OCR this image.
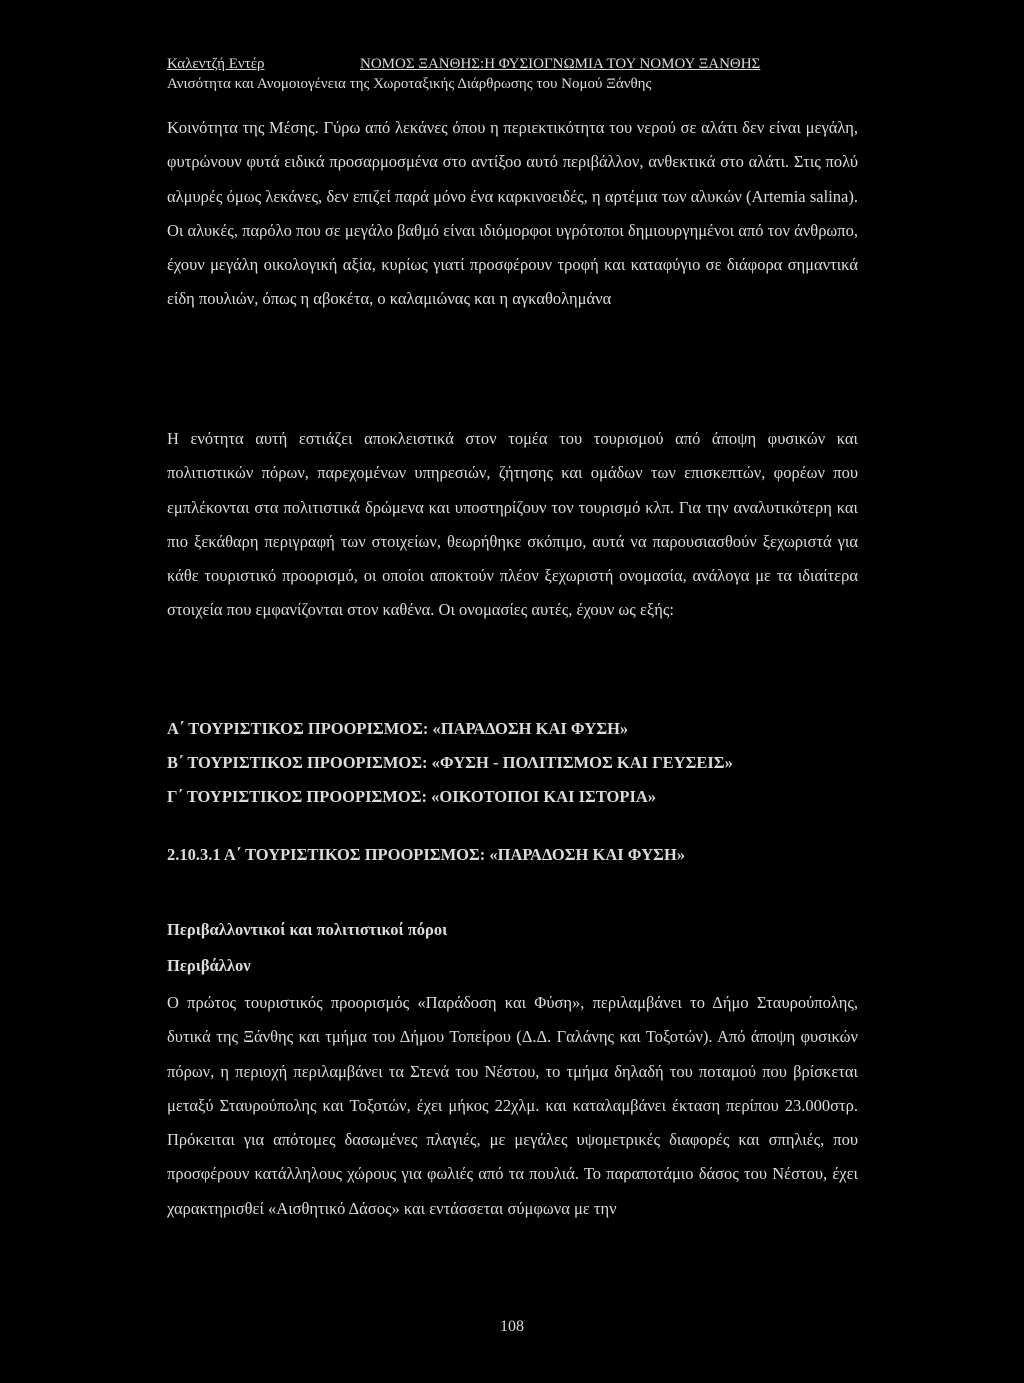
Καλεντζή Εντέρ	ΝΟΜΟΣ ΞΑΝΘΗΣ:Η ΦΥΣΙΟΓΝΩΜΙΑ ΤΟΥ ΝΟΜΟΥ ΞΑΝΘΗΣ
Ανισότητα και Ανομοιογένεια της Χωροταξικής Διάρθρωσης του Νομού Ξάνθης

Κοινότητα της Μέσης. Γύρω από λεκάνες όπου η περιεκτικότητα του νερού σε αλάτι δεν είναι μεγάλη, φυτρώνουν φυτά ειδικά προσαρμοσμένα στο αντίξοο αυτό περιβάλλον, ανθεκτικά στο αλάτι. Στις πολύ αλμυρές όμως λεκάνες, δεν επιζεί παρά μόνο ένα καρκινοειδές, η αρτέμια των αλυκών (Artemia salina). Οι αλυκές, παρόλο που σε μεγάλο βαθμό είναι ιδιόμορφοι υγρότοποι δημιουργημένοι από τον άνθρωπο, έχουν μεγάλη οικολογική αξία, κυρίως γιατί προσφέρουν τροφή και καταφύγιο σε διάφορα σημαντικά είδη πουλιών, όπως η αβοκέτα, ο καλαμιώνας και η αγκαθολημάνα

Η ενότητα αυτή εστιάζει αποκλειστικά στον τομέα του τουρισμού από άποψη φυσικών και πολιτιστικών πόρων, παρεχομένων υπηρεσιών, ζήτησης και ομάδων των επισκεπτών, φορέων που εμπλέκονται στα πολιτιστικά δρώμενα και υποστηρίζουν τον τουρισμό κλπ. Για την αναλυτικότερη και πιο ξεκάθαρη περιγραφή των στοιχείων, θεωρήθηκε σκόπιμο, αυτά να παρουσιασθούν ξεχωριστά για κάθε τουριστικό προορισμό, οι οποίοι αποκτούν πλέον ξεχωριστή ονομασία, ανάλογα με τα ιδιαίτερα στοιχεία που εμφανίζονται στον καθένα. Οι ονομασίες αυτές, έχουν ως εξής:

Α΄ ΤΟΥΡΙΣΤΙΚΟΣ ΠΡΟΟΡΙΣΜΟΣ: «ΠΑΡΑΔΟΣΗ ΚΑΙ ΦΥΣΗ»
Β΄ ΤΟΥΡΙΣΤΙΚΟΣ ΠΡΟΟΡΙΣΜΟΣ: «ΦΥΣΗ - ΠΟΛΙΤΙΣΜΟΣ ΚΑΙ ΓΕΥΣΕΙΣ»
Γ΄ ΤΟΥΡΙΣΤΙΚΟΣ ΠΡΟΟΡΙΣΜΟΣ: «ΟΙΚΟΤΟΠΟΙ ΚΑΙ ΙΣΤΟΡΙΑ»
2.10.3.1 Α΄ ΤΟΥΡΙΣΤΙΚΟΣ ΠΡΟΟΡΙΣΜΟΣ: «ΠΑΡΑΔΟΣΗ ΚΑΙ ΦΥΣΗ»
Περιβαλλοντικοί και πολιτιστικοί πόροι
Περιβάλλον

Ο πρώτος τουριστικός προορισμός «Παράδοση και Φύση», περιλαμβάνει το Δήμο Σταυρούπολης, δυτικά της Ξάνθης και τμήμα του Δήμου Τοπείρου (Δ.Δ. Γαλάνης και Τοξοτών). Από άποψη φυσικών πόρων, η περιοχή περιλαμβάνει τα Στενά του Νέστου, το τμήμα δηλαδή του ποταμού που βρίσκεται μεταξύ Σταυρούπολης και Τοξοτών, έχει μήκος 22χλμ. και καταλαμβάνει έκταση περίπου 23.000στρ. Πρόκειται για απότομες δασωμένες πλαγιές, με μεγάλες υψομετρικές διαφορές και σπηλιές, που προσφέρουν κατάλληλους χώρους για φωλιές από τα πουλιά. Το παραποτάμιο δάσος του Νέστου, έχει χαρακτηρισθεί «Αισθητικό Δάσος» και εντάσσεται σύμφωνα με την

108
